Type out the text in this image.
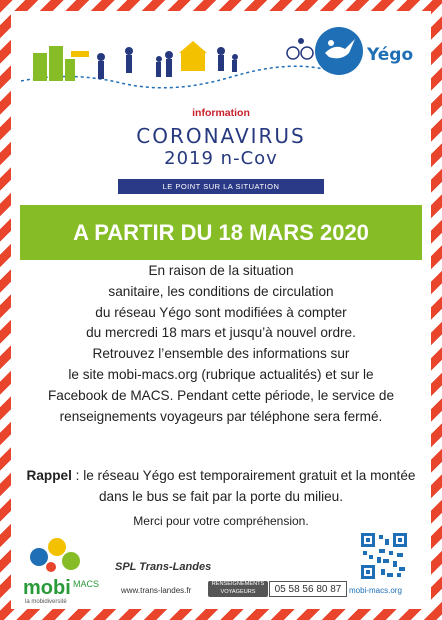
Yégo
information
CORONAVIRUS
2019 n-Cov
LE POINT SUR LA SITUATION
A PARTIR DU 18 MARS 2020
En raison de la situation
sanitaire, les conditions de circulation
du réseau Yégo sont modifiées à compter
du mercredi 18 mars et jusqu’à nouvel ordre.
Retrouvez l’ensemble des informations sur
le site mobi-macs.org (rubrique actualités) et sur le
Facebook de MACS. Pendant cette période, le service de
renseignements voyageurs par téléphone sera fermé.
Rappel : le réseau Yégo est temporairement gratuit et la montée dans le bus se fait par la porte du milieu.
Merci pour votre compréhension.
mobi MACS
la mobidiversité
SPL Trans-Landes
www.trans-landes.fr
RENSEIGNEMENTS VOYAGEURS	05 58 56 80 87 mobi-macs.org
